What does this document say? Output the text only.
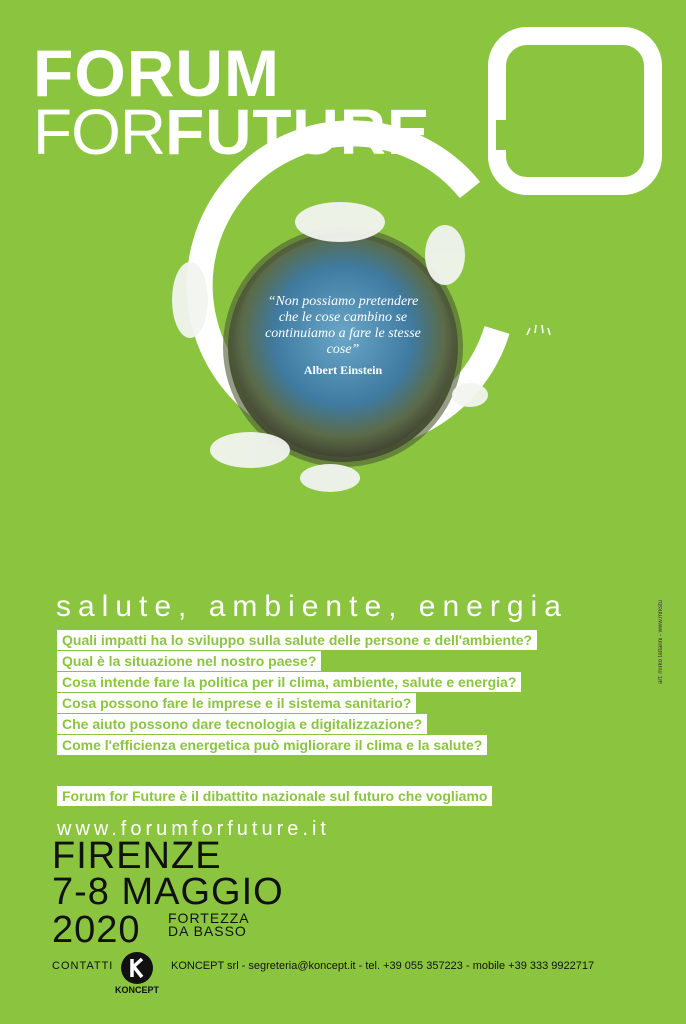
FORUM
FORFUTURE
“Non possiamo pretendere che le cose cambino se continuiamo a fare le stesse cose”
Albert Einstein
salute, ambiente, energia
Quali impatti ha lo sviluppo sulla salute delle persone e dell'ambiente?
Qual è la situazione nel nostro paese?
Cosa intende fare la politica per il clima, ambiente, salute e energia?
Cosa possono fare le imprese e il sistema sanitario?
Che aiuto possono dare tecnologia e digitalizzazione?
Come l'efficienza energetica può migliorare il clima e la salute?
Forum for Future è il dibattito nazionale sul futuro che vogliamo
www.forumforfuture.it
FIRENZE
7-8 MAGGIO
2020 FORTEZZA
DA BASSO
CONTATTI
KONCEPT
KONCEPT srl - segreteria@koncept.it - tel. +39 055 357223 - mobile +39 333 9922717
art: mirko tattarini - www.mrkstu
